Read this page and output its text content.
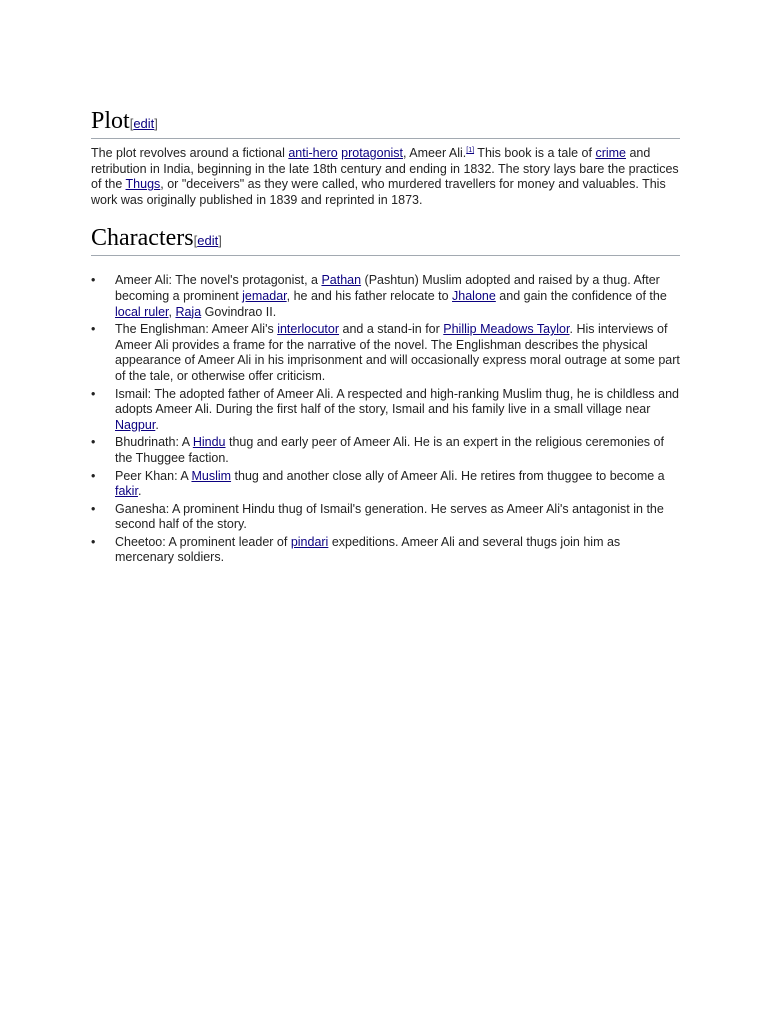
Plot[edit]

The plot revolves around a fictional anti-hero protagonist, Ameer Ali.[1] This book is a tale of crime and retribution in India, beginning in the late 18th century and ending in 1832. The story lays bare the practices of the Thugs, or "deceivers" as they were called, who murdered travellers for money and valuables. This work was originally published in 1839 and reprinted in 1873.

Characters[edit]
• Ameer Ali: The novel's protagonist, a Pathan (Pashtun) Muslim adopted and raised by a thug. After becoming a prominent jemadar, he and his father relocate to Jhalone and gain the confidence of the local ruler, Raja Govindrao II.
• The Englishman: Ameer Ali's interlocutor and a stand-in for Phillip Meadows Taylor. His interviews of Ameer Ali provides a frame for the narrative of the novel. The Englishman describes the physical appearance of Ameer Ali in his imprisonment and will occasionally express moral outrage at some part of the tale, or otherwise offer criticism.
• Ismail: The adopted father of Ameer Ali. A respected and high-ranking Muslim thug, he is childless and adopts Ameer Ali. During the first half of the story, Ismail and his family live in a small village near Nagpur.
• Bhudrinath: A Hindu thug and early peer of Ameer Ali. He is an expert in the religious ceremonies of the Thuggee faction.
• Peer Khan: A Muslim thug and another close ally of Ameer Ali. He retires from thuggee to become a fakir.
• Ganesha: A prominent Hindu thug of Ismail's generation. He serves as Ameer Ali's antagonist in the second half of the story.
• Cheetoo: A prominent leader of pindari expeditions. Ameer Ali and several thugs join him as mercenary soldiers.
